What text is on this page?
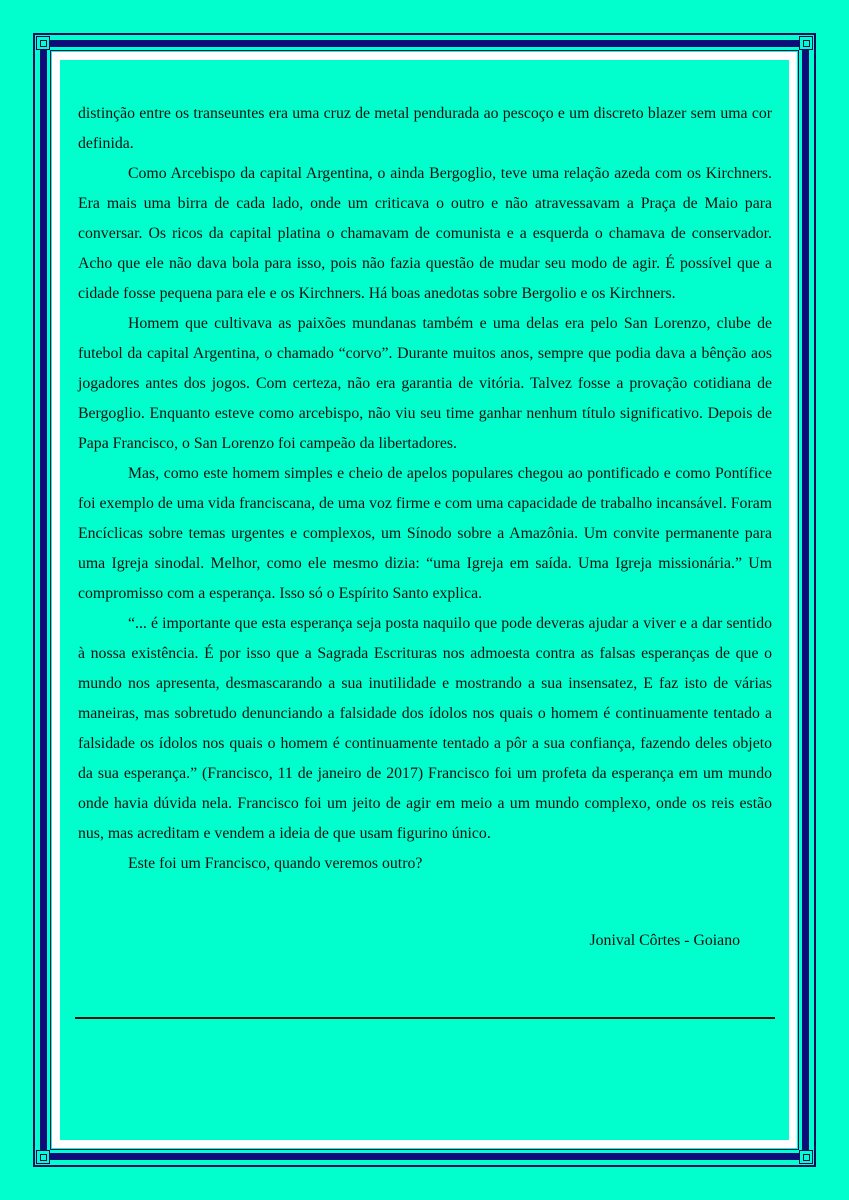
distinção entre os transeuntes era uma cruz de metal pendurada ao pescoço e um discreto blazer sem uma cor definida.

Como Arcebispo da capital Argentina, o ainda Bergoglio, teve uma relação azeda com os Kirchners. Era mais uma birra de cada lado, onde um criticava o outro e não atravessavam a Praça de Maio para conversar. Os ricos da capital platina o chamavam de comunista e a esquerda o chamava de conservador. Acho que ele não dava bola para isso, pois não fazia questão de mudar seu modo de agir. É possível que a cidade fosse pequena para ele e os Kirchners. Há boas anedotas sobre Bergolio e os Kirchners.

Homem que cultivava as paixões mundanas também e uma delas era pelo San Lorenzo, clube de futebol da capital Argentina, o chamado “corvo”. Durante muitos anos, sempre que podia dava a bênção aos jogadores antes dos jogos. Com certeza, não era garantia de vitória. Talvez fosse a provação cotidiana de Bergoglio. Enquanto esteve como arcebispo, não viu seu time ganhar nenhum título significativo. Depois de Papa Francisco, o San Lorenzo foi campeão da libertadores.

Mas, como este homem simples e cheio de apelos populares chegou ao pontificado e como Pontífice foi exemplo de uma vida franciscana, de uma voz firme e com uma capacidade de trabalho incansável. Foram Encíclicas sobre temas urgentes e complexos, um Sínodo sobre a Amazônia. Um convite permanente para uma Igreja sinodal. Melhor, como ele mesmo dizia: “uma Igreja em saída. Uma Igreja missionária.” Um compromisso com a esperança. Isso só o Espírito Santo explica.

“... é importante que esta esperança seja posta naquilo que pode deveras ajudar a viver e a dar sentido à nossa existência. É por isso que a Sagrada Escrituras nos admoesta contra as falsas esperanças de que o mundo nos apresenta, desmascarando a sua inutilidade e mostrando a sua insensatez, E faz isto de várias maneiras, mas sobretudo denunciando a falsidade dos ídolos nos quais o homem é continuamente tentado a falsidade os ídolos nos quais o homem é continuamente tentado a pôr a sua confiança, fazendo deles objeto da sua esperança.” (Francisco, 11 de janeiro de 2017) Francisco foi um profeta da esperança em um mundo onde havia dúvida nela. Francisco foi um jeito de agir em meio a um mundo complexo, onde os reis estão nus, mas acreditam e vendem a ideia de que usam figurino único.

Este foi um Francisco, quando veremos outro?

Jonival Côrtes - Goiano
